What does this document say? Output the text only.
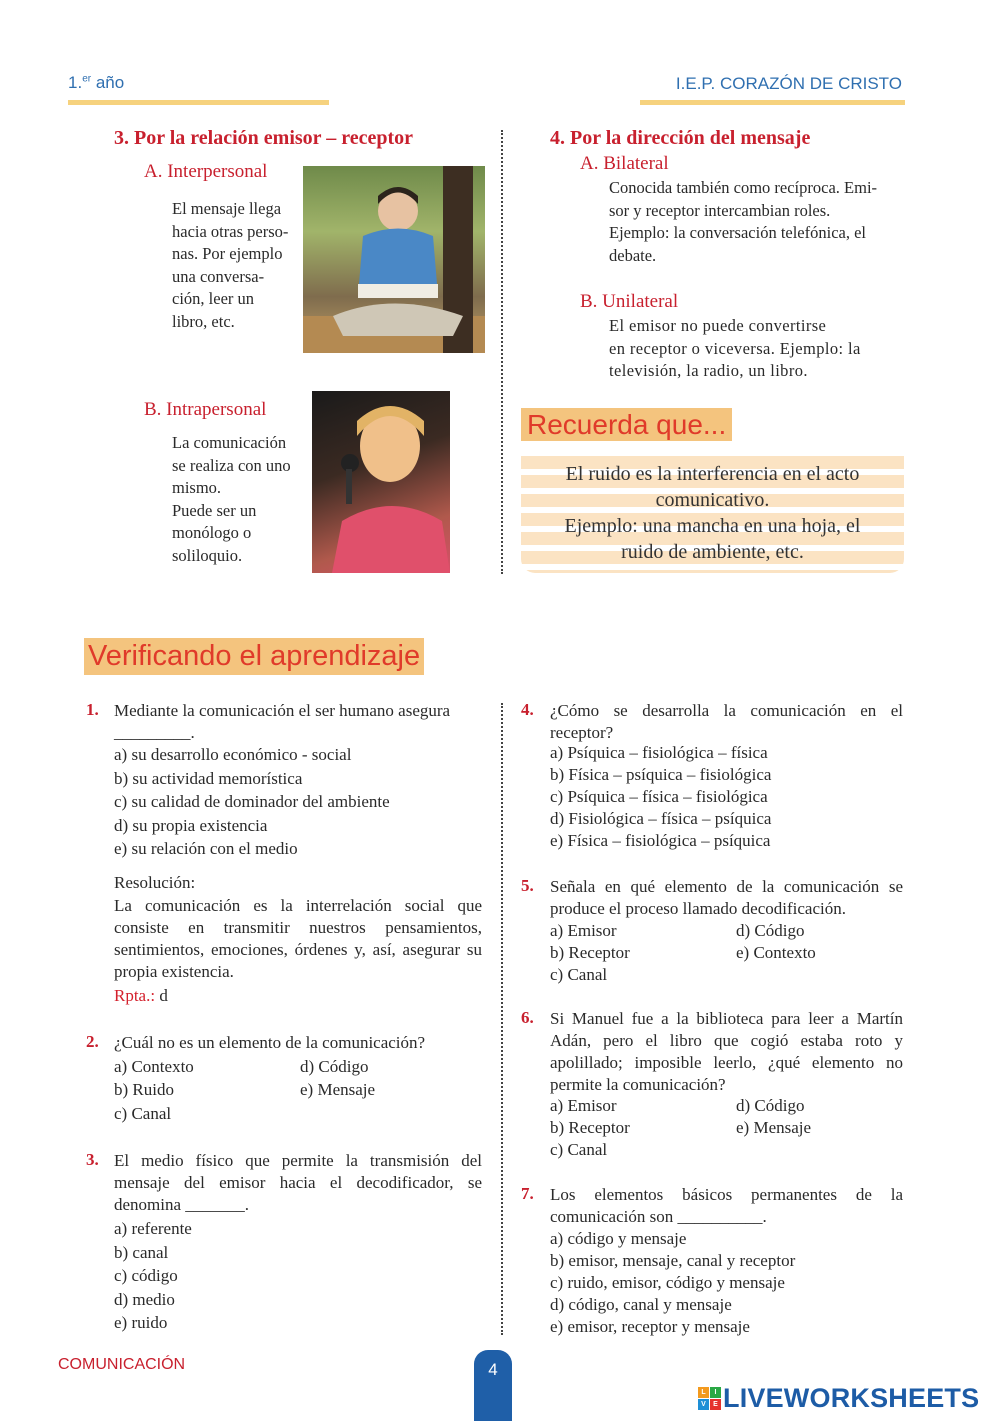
1.$^{er}$ año	I.E.P. CORAZÓN DE CRISTO
3. Por la relación emisor – receptor
A. Interpersonal
El mensaje llega
hacia otras perso-
nas. Por ejemplo
una conversa-
ción, leer un
libro, etc.
B. Intrapersonal
La comunicación
se realiza con uno
mismo.
Puede ser un
monólogo o
soliloquio.
4. Por la dirección del mensaje
A. Bilateral
Conocida también como recíproca. Emi-
sor y receptor intercambian roles.
Ejemplo: la conversación telefónica, el
debate.
B. Unilateral
El emisor no puede convertirse
en receptor o viceversa. Ejemplo: la
televisión, la radio, un libro.
Recuerda que...
El ruido es la interferencia en el acto
comunicativo.
Ejemplo: una mancha en una hoja, el
ruido de ambiente, etc.
Verificando el aprendizaje
1. Mediante la comunicación el ser humano asegura
_________.
a) su desarrollo económico - social
b) su actividad memorística
c) su calidad de dominador del ambiente
d) su propia existencia
e) su relación con el medio
Resolución:
La comunicación es la interrelación social que consiste en transmitir nuestros pensamientos, sentimientos, emociones, órdenes y, así, asegurar su propia existencia.
Rpta.: d
2. ¿Cuál no es un elemento de la comunicación?
a) Contexto	d) Código
b) Ruido	e) Mensaje
c) Canal
3. El medio físico que permite la transmisión del mensaje del emisor hacia el decodificador, se denomina _______.
a) referente
b) canal
c) código
d) medio
e) ruido
4. ¿Cómo se desarrolla la comunicación en el receptor?
a) Psíquica – fisiológica – física
b) Física – psíquica – fisiológica
c) Psíquica – física – fisiológica
d) Fisiológica – física – psíquica
e) Física – fisiológica – psíquica
5. Señala en qué elemento de la comunicación se produce el proceso llamado decodificación.
a) Emisor	d) Código
b) Receptor	e) Contexto
c) Canal
6. Si Manuel fue a la biblioteca para leer a Martín Adán, pero el libro que cogió estaba roto y apolillado; imposible leerlo, ¿qué elemento no permite la comunicación?
a) Emisor	d) Código
b) Receptor	e) Mensaje
c) Canal
7. Los elementos básicos permanentes de la comunicación son __________.
a) código y mensaje
b) emisor, mensaje, canal y receptor
c) ruido, emisor, código y mensaje
d) código, canal y mensaje
e) emisor, receptor y mensaje
COMUNICACIÓN	4
L	I
V	E LIVEWORKSHEETS
